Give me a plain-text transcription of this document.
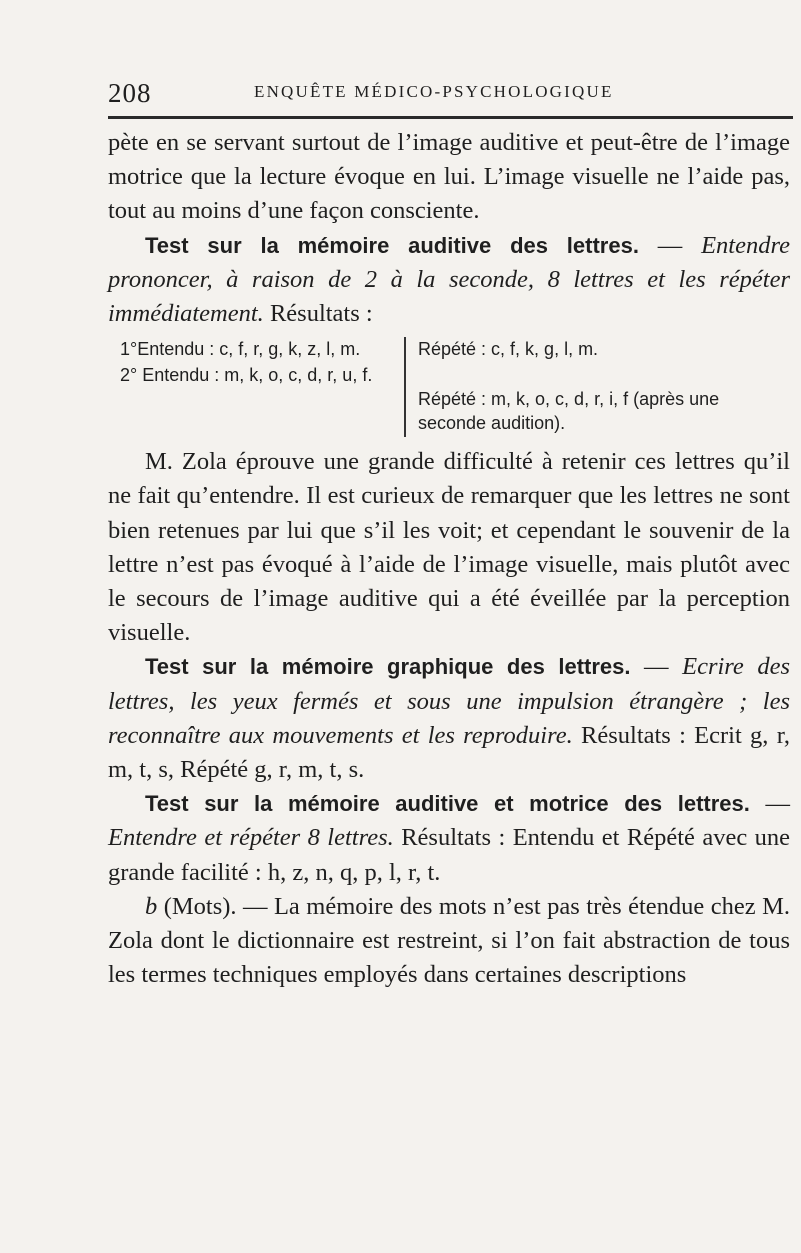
208	ENQUÊTE MÉDICO-PSYCHOLOGIQUE

pète en se servant surtout de l’image auditive et peut-être de l’image motrice que la lecture évoque en lui. L’image visuelle ne l’aide pas, tout au moins d’une façon consciente.

Test sur la mémoire auditive des lettres. — Entendre prononcer, à raison de 2 à la seconde, 8 lettres et les répéter immédiatement. Résultats :

1°Entendu : c, f, r, g, k, z, l, m.
2° Entendu : m, k, o, c, d, r, u, f.
Répété : c, f, k, g, l, m.
Répété : m, k, o, c, d, r, i, f (après une seconde audition).

M. Zola éprouve une grande difficulté à retenir ces lettres qu’il ne fait qu’entendre. Il est curieux de remarquer que les lettres ne sont bien retenues par lui que s’il les voit; et cependant le souvenir de la lettre n’est pas évoqué à l’aide de l’image visuelle, mais plutôt avec le secours de l’image auditive qui a été éveillée par la perception visuelle.

Test sur la mémoire graphique des lettres. — Ecrire des lettres, les yeux fermés et sous une impulsion étrangère ; les reconnaître aux mouvements et les reproduire. Résultats : Ecrit g, r, m, t, s, Répété g, r, m, t, s.

Test sur la mémoire auditive et motrice des lettres. — Entendre et répéter 8 lettres. Résultats : Entendu et Répété avec une grande facilité : h, z, n, q, p, l, r, t.

b (Mots). — La mémoire des mots n’est pas très étendue chez M. Zola dont le dictionnaire est restreint, si l’on fait abstraction de tous les termes techniques employés dans certaines descriptions
